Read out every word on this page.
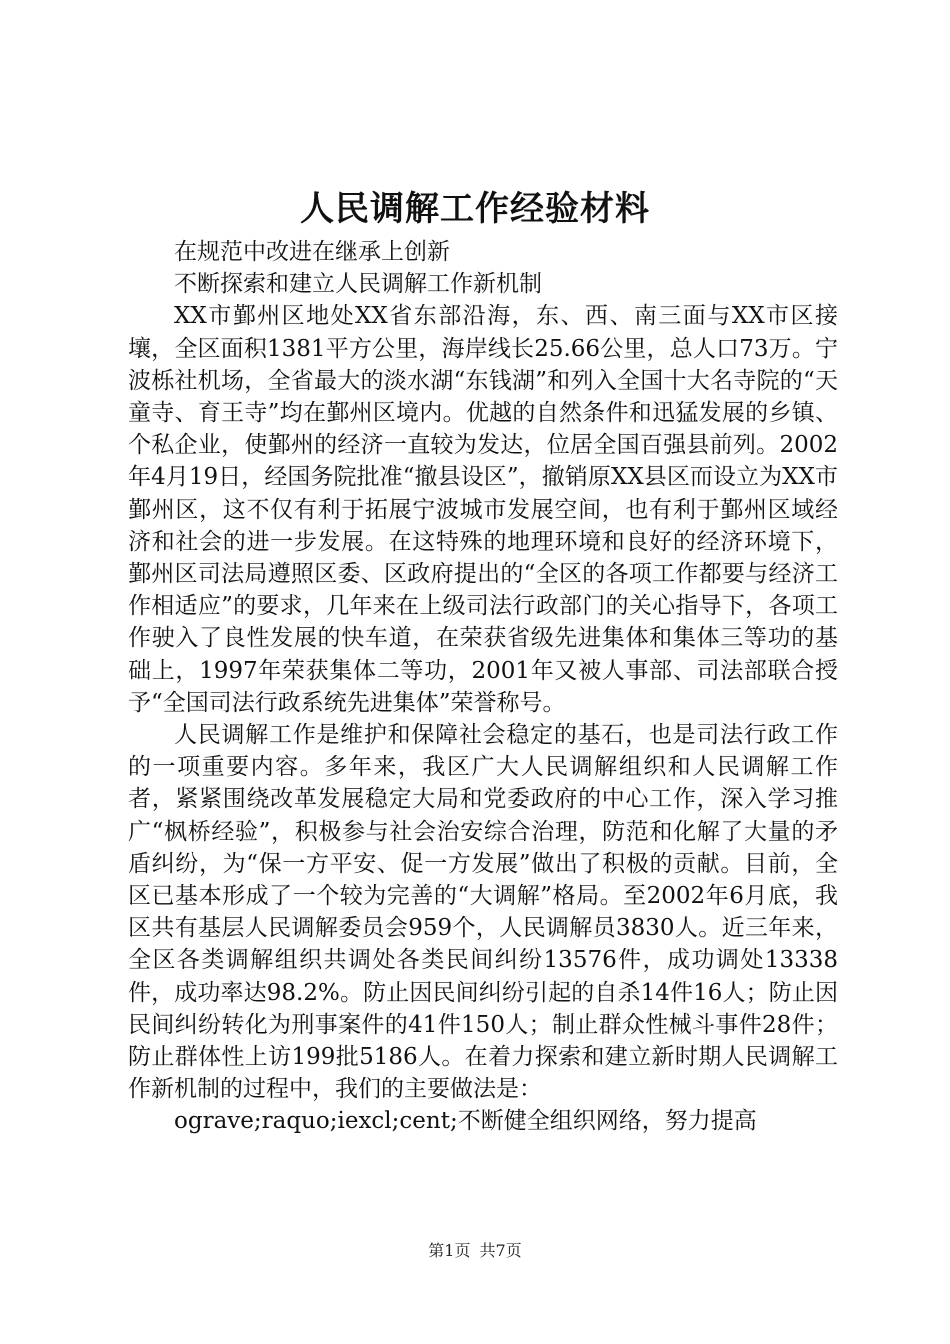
人民调解工作经验材料

在规范中改进在继承上创新

不断探索和建立人民调解工作新机制

XX市鄞州区地处XX省东部沿海，东、西、南三面与XX市区接壤，全区面积1381平方公里，海岸线长25.66公里，总人口73万。宁波栎社机场，全省最大的淡水湖“东钱湖”和列入全国十大名寺院的“天童寺、育王寺”均在鄞州区境内。优越的自然条件和迅猛发展的乡镇、个私企业，使鄞州的经济一直较为发达，位居全国百强县前列。2002年4月19日，经国务院批准“撤县设区”，撤销原XX县区而设立为XX市鄞州区，这不仅有利于拓展宁波城市发展空间，也有利于鄞州区域经济和社会的进一步发展。在这特殊的地理环境和良好的经济环境下，鄞州区司法局遵照区委、区政府提出的“全区的各项工作都要与经济工作相适应”的要求，几年来在上级司法行政部门的关心指导下，各项工作驶入了良性发展的快车道，在荣获省级先进集体和集体三等功的基础上，1997年荣获集体二等功，2001年又被人事部、司法部联合授予“全国司法行政系统先进集体”荣誉称号。

人民调解工作是维护和保障社会稳定的基石，也是司法行政工作的一项重要内容。多年来，我区广大人民调解组织和人民调解工作者，紧紧围绕改革发展稳定大局和党委政府的中心工作，深入学习推广“枫桥经验”，积极参与社会治安综合治理，防范和化解了大量的矛盾纠纷，为“保一方平安、促一方发展”做出了积极的贡献。目前，全区已基本形成了一个较为完善的“大调解”格局。至2002年6月底，我区共有基层人民调解委员会959个，人民调解员3830人。近三年来，全区各类调解组织共调处各类民间纠纷13576件，成功调处13338件，成功率达98.2%。防止因民间纠纷引起的自杀14件16人；防止因民间纠纷转化为刑事案件的41件150人；制止群众性械斗事件28件；防止群体性上访199批5186人。在着力探索和建立新时期人民调解工作新机制的过程中，我们的主要做法是：

ograve;raquo;iexcl;cent;不断健全组织网络，努力提高

第1页 共7页
